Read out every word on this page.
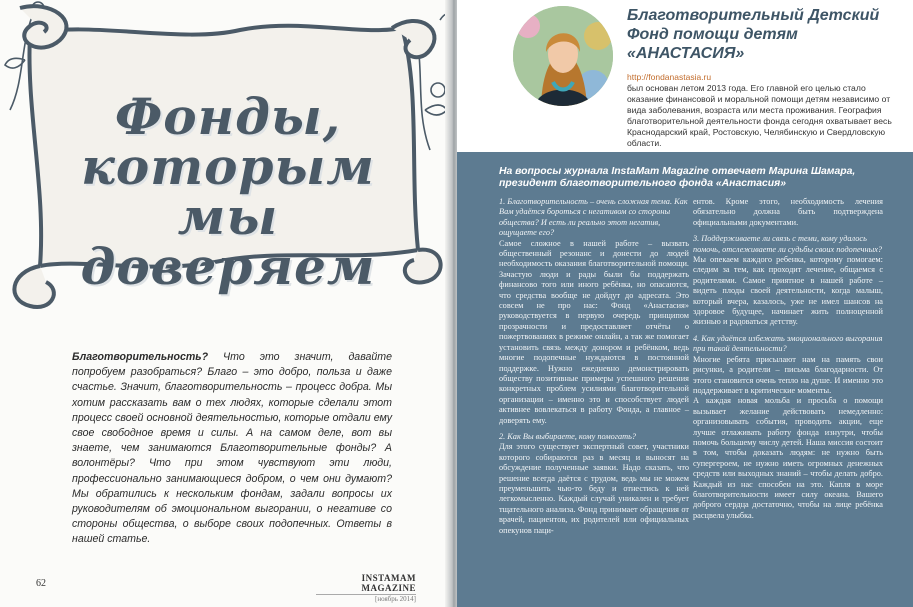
Фонды,
которым мы
доверяем
Благотворительность? Что это значит, давайте попробуем разобраться? Благо – это добро, польза и даже счастье. Значит, благотворительность – процесс добра. Мы хотим рассказать вам о тех людях, которые сделали этот процесс своей основной деятельностью, которые отдали ему свое свободное время и силы. А на самом деле, вот вы знаете, чем занимаются Благотворительные фонды? А волонтёры? Что при этом чувствуют эти люди, профессионально занимающиеся добром, о чем они думают? Мы обратились к нескольким фондам, задали вопросы их руководителям об эмоциональном выгорании, о негативе со стороны общества, о выборе своих подопечных. Ответы в нашей статье.
62	INSTAMAM MAGAZINE
[ноябрь 2014]
Благотворительный Детский Фонд помощи детям «АНАСТАСИЯ»
http://fondanastasia.ru
был основан летом 2013 года. Его главной его целью стало оказание финансовой и моральной помощи детям независимо от вида заболевания, возраста или места проживания. География благотворительной деятельности фонда сегодня охватывает весь Краснодарский край, Ростовскую, Челябинскую и Свердловскую области.
На вопросы журнала InstaMam Magazine отвечает Марина Шамара, президент благотворительного фонда «Анастасия»
1. Благотворительность – очень сложная тема. Как Вам удаётся бороться с негативом со стороны общества? И есть ли реально этот негатив, ощущаете его?
Самое сложное в нашей работе – вызвать общественный резонанс и донести до людей необходимость оказания благотворительной помощи. Зачастую люди и рады были бы поддержать финансово того или иного ребёнка, но опасаются, что средства вообще не дойдут до адресата. Это совсем не про нас: Фонд «Анастасия» руководствуется в первую очередь принципом прозрачности и предоставляет отчёты о пожертвованиях в режиме онлайн, а так же помогает установить связь между донором и ребёнком, ведь многие подопечные нуждаются в постоянной поддержке. Нужно ежедневно демонстрировать обществу позитивные примеры успешного решения конкретных проблем усилиями благотворительной организации – именно это и способствует людей активнее вовлекаться в работу Фонда, а главное – доверять ему.
2. Как Вы выбираете, кому помогать?
Для этого существует экспертный совет, участники которого собираются раз в месяц и выносят на обсуждение полученные заявки. Надо сказать, что решение всегда даётся с трудом, ведь мы не можем преуменьшить чью-то беду и отнестись к ней легкомысленно. Каждый случай уникален и требует тщательного анализа. Фонд принимает обращения от врачей, пациентов, их родителей или официальных опекунов паци-
ентов. Кроме этого, необходимость лечения обязательно должна быть подтверждена официальными документами.
3. Поддерживаете ли связь с теми, кому удалось помочь, отслеживаете ли судьбы своих подопечных?
Мы опекаем каждого ребенка, которому помогаем: следим за тем, как проходит лечение, общаемся с родителями. Самое приятное в нашей работе – видеть плоды своей деятельности, когда малыш, который вчера, казалось, уже не имел шансов на здоровое будущее, начинает жить полноценной жизнью и радоваться детству.
4. Как удаётся избежать эмоционального выгорания при такой деятельности?
Многие ребята присылают нам на память свои рисунки, а родители – письма благодарности. От этого становится очень тепло на душе. И именно это поддерживает в критические моменты.
А каждая новая мольба и просьба о помощи вызывает желание действовать немедленно: организовывать события, проводить акции, еще лучше отлаживать работу фонда изнутри, чтобы помочь большему числу детей. Наша миссия состоит в том, чтобы доказать людям: не нужно быть супергероем, не нужно иметь огромных денежных средств или выходных знаний – чтобы делать добро. Каждый из нас способен на это. Капля в море благотворительности имеет силу океана. Вашего доброго сердца достаточно, чтобы на лице ребёнка расцвела улыбка.
